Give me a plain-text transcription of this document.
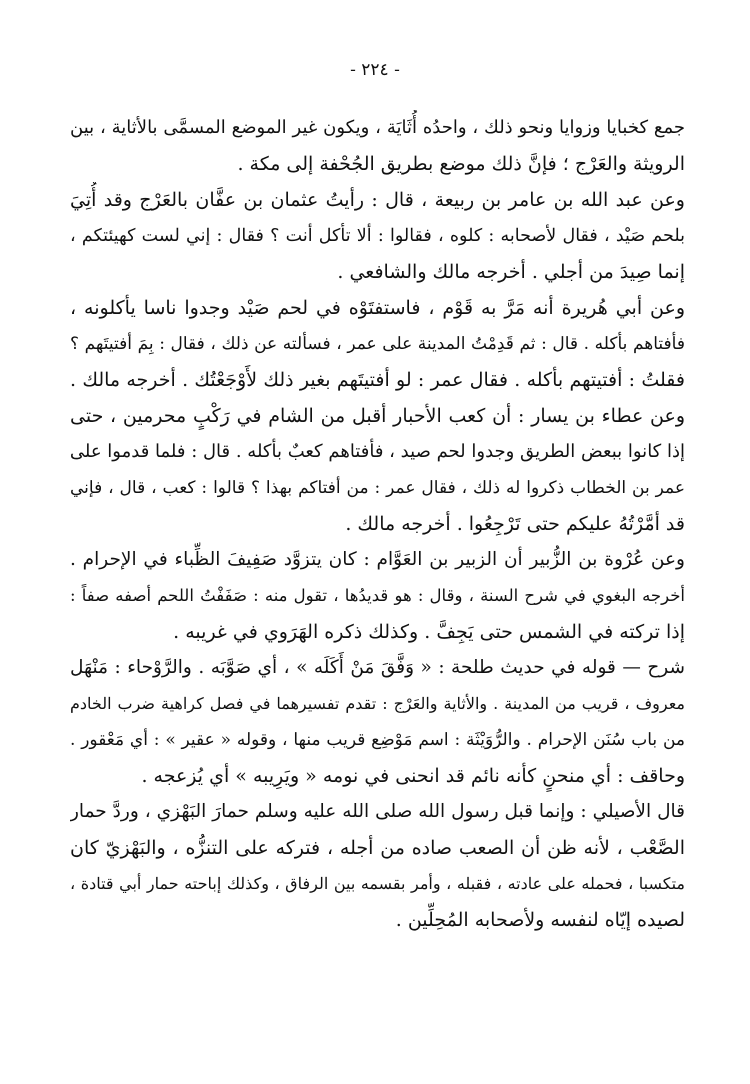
- ٢٢٤ -
جمع كخبايا وزوايا ونحو ذلك ، واحدُه أُثَايَة ، ويكون غير الموضع المسمَّى بالأثاية ، بين
الرويثة والعَرْج ؛ فإنَّ ذلك موضع بطريق الجُحْفة إلى مكة .
وعن عبد الله بن عامر بن ربيعة ، قال : رأيتُ عثمان بن عفَّان بالعَرْج وقد أُتِيَ
بلحم صَيْد ، فقال لأصحابه : كلوه ، فقالوا : ألا تأكل أنت ؟ فقال : إني لست كهيئتكم ،
إنما صِيدَ من أجلي . أخرجه مالك والشافعي .
وعن أبي هُريرة أنه مَرَّ به قَوْم ، فاستفتَوْه في لحم صَيْد وجدوا ناسا يأكلونه ،
فأفتاهم بأكله . قال : ثم قَدِمْتُ المدينة على عمر ، فسألته عن ذلك ، فقال : بِمَ أفتيتَهم ؟
فقلتُ : أفتيتهم بأكله . فقال عمر : لو أفتيتَهم بغير ذلك لأَوْجَعْتُك . أخرجه مالك .
وعن عطاء بن يسار : أن كعب الأحبار أقبل من الشام في رَكْبٍ محرمين ، حتى
إذا كانوا ببعض الطريق وجدوا لحم صيد ، فأفتاهم كعبٌ بأكله . قال : فلما قدموا على
عمر بن الخطاب ذكروا له ذلك ، فقال عمر : من أفتاكم بهذا ؟ قالوا : كعب ، قال ، فإني
قد أمَّرْتُهُ عليكم حتى تَرْجِعُوا . أخرجه مالك .
وعن عُرْوة بن الزُّبير أن الزبير بن العَوَّام : كان يتزوَّد صَفِيفَ الظِّباء في الإحرام .
أخرجه البغوي في شرح السنة ، وقال : هو قديدُها ، تقول منه : صَفَفْتُ اللحم أصفه صفاً :
إذا تركته في الشمس حتى يَجِفَّ . وكذلك ذكره الهَرَوي في غريبه .
شرح — قوله في حديث طلحة : « وَفَّقَ مَنْ أَكَلَه » ، أي صَوَّبَه . والرَّوْحاء : مَنْهَل
معروف ، قريب من المدينة . والأثاية والعَرْج : تقدم تفسيرهما في فصل كراهية ضرب الخادم
من باب سُنَن الإحرام . والرُّوَيْثَة : اسم مَوْضِع قريب منها ، وقوله « عقير » : أي مَعْقور .
وحاقف : أي منحنٍ كأنه نائم قد انحنى في نومه « ويَرِيبه » أي يُزعجه .
قال الأصيلي : وإنما قبل رسول الله صلى الله عليه وسلم حمارَ البَهْزي ، وردَّ حمار
الصَّعْب ، لأنه ظن أن الصعب صاده من أجله ، فتركه على التنزُّه ، والبَهْزيّ كان
متكسبا ، فحمله على عادته ، فقبله ، وأمر بقسمه بين الرفاق ، وكذلك إباحته حمار أبي قتادة ،
لصيده إيّاه لنفسه ولأصحابه المُحِلِّين .
